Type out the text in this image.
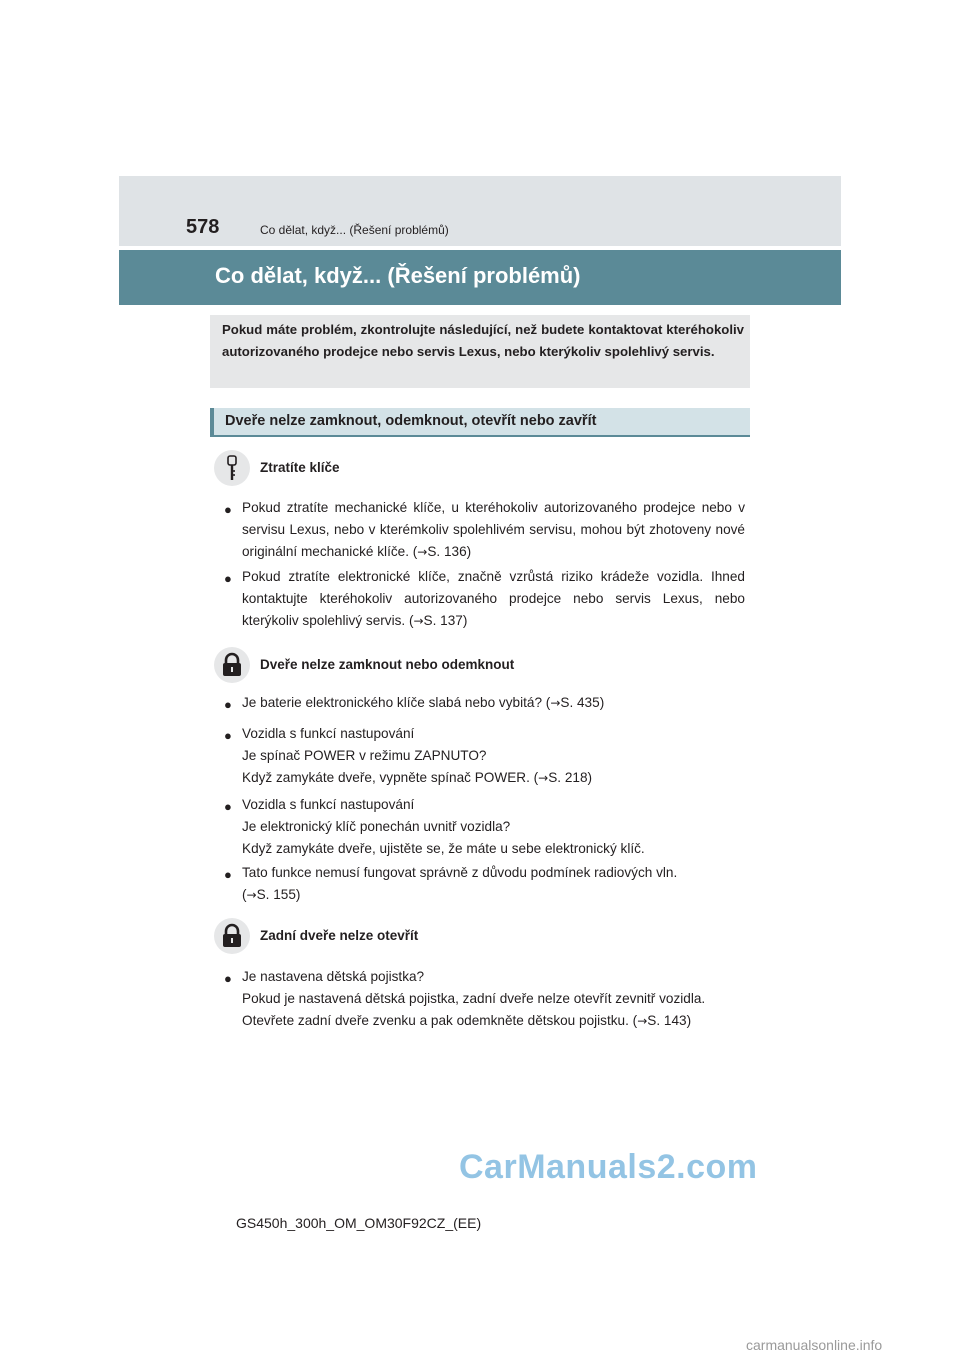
578	Co dělat, když... (Řešení problémů)
Co dělat, když... (Řešení problémů)
Pokud máte problém, zkontrolujte následující, než budete kontaktovat kteréhokoliv autorizovaného prodejce nebo servis Lexus, nebo kterýkoliv spolehlivý servis.
Dveře nelze zamknout, odemknout, otevřít nebo zavřít
Ztratíte klíče
● Pokud ztratíte mechanické klíče, u kteréhokoliv autorizovaného prodejce nebo v servisu Lexus, nebo v kterémkoliv spolehlivém servisu, mohou být zhotoveny nové originální mechanické klíče. (→S. 136)
● Pokud ztratíte elektronické klíče, značně vzrůstá riziko krádeže vozidla. Ihned kontaktujte kteréhokoliv autorizovaného prodejce nebo servis Lexus, nebo kterýkoliv spolehlivý servis. (→S. 137)
Dveře nelze zamknout nebo odemknout
● Je baterie elektronického klíče slabá nebo vybitá? (→S. 435)
● Vozidla s funkcí nastupování
Je spínač POWER v režimu ZAPNUTO?
Když zamykáte dveře, vypněte spínač POWER. (→S. 218)
● Vozidla s funkcí nastupování
Je elektronický klíč ponechán uvnitř vozidla?
Když zamykáte dveře, ujistěte se, že máte u sebe elektronický klíč.
● Tato funkce nemusí fungovat správně z důvodu podmínek radiových vln.
(→S. 155)
Zadní dveře nelze otevřít
● Je nastavena dětská pojistka?
Pokud je nastavená dětská pojistka, zadní dveře nelze otevřít zevnitř vozidla.
Otevřete zadní dveře zvenku a pak odemkněte dětskou pojistku. (→S. 143)
CarManuals2.com
GS450h_300h_OM_OM30F92CZ_(EE)
carmanualsonline.info
